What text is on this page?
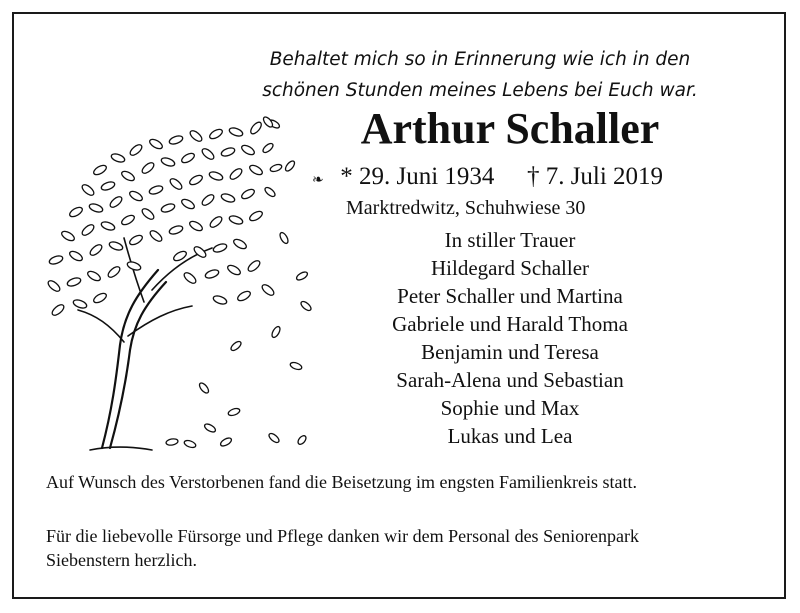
Behaltet mich so in Erinnerung wie ich in den
schönen Stunden meines Lebens bei Euch war.
Arthur Schaller
❧ * 29. Juni 1934 † 7. Juli 2019
Marktredwitz, Schuhwiese 30
In stiller Trauer
Hildegard Schaller
Peter Schaller und Martina
Gabriele und Harald Thoma
Benjamin und Teresa
Sarah-Alena und Sebastian
Sophie und Max
Lukas und Lea
Auf Wunsch des Verstorbenen fand die Beisetzung im engsten Familienkreis statt.
Für die liebevolle Fürsorge und Pflege danken wir dem Personal des Seniorenpark
Siebenstern herzlich.
